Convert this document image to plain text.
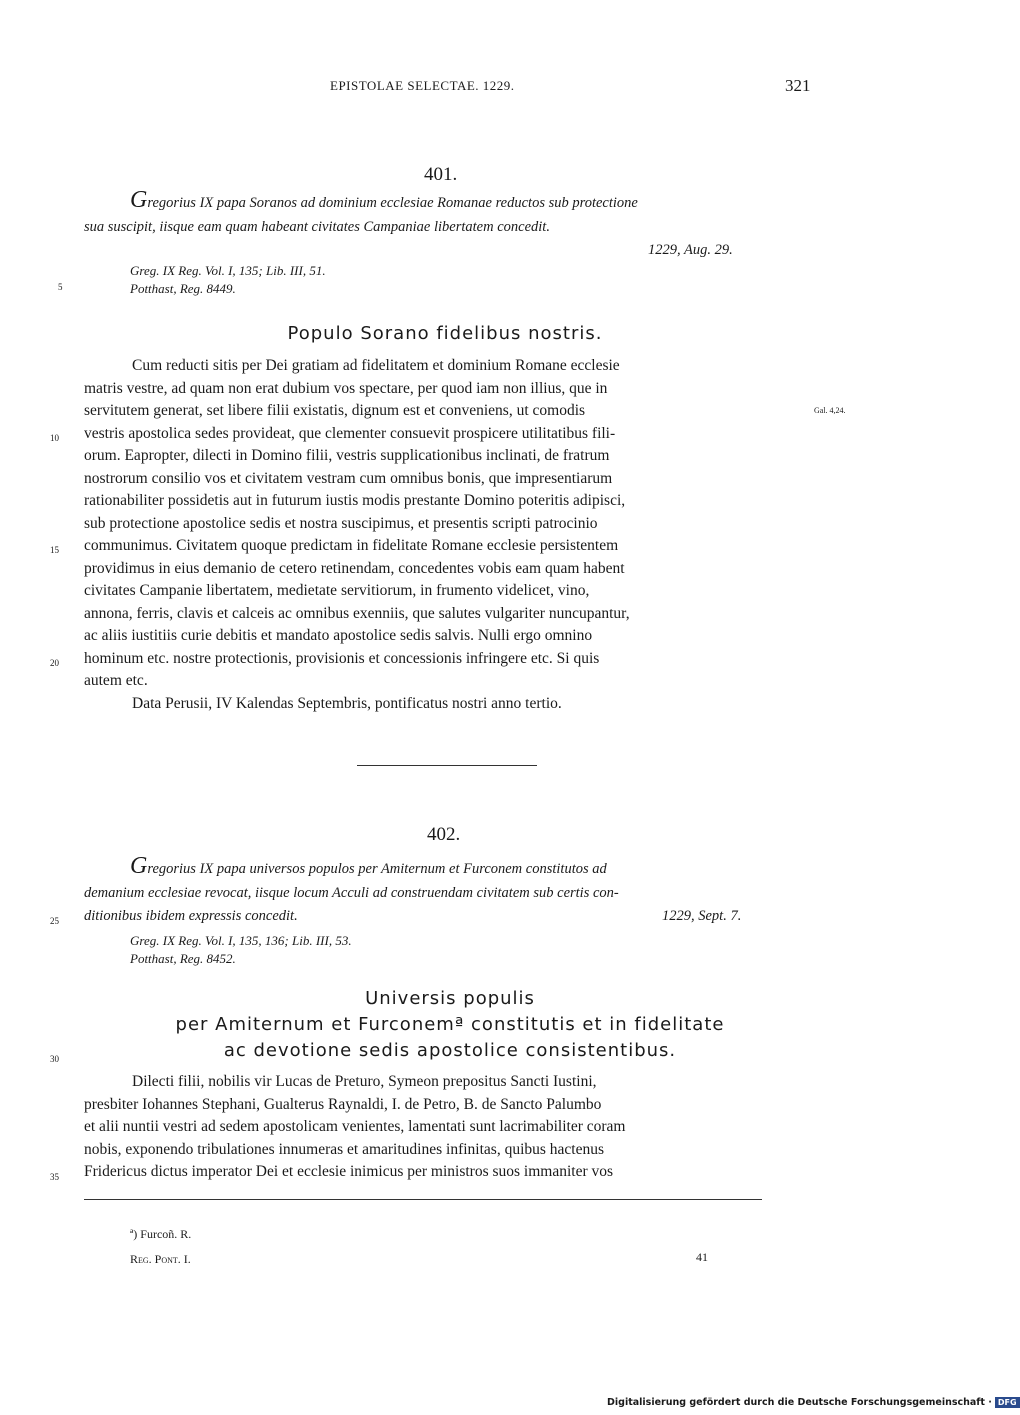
EPISTOLAE SELECTAE. 1229.	321
401.
Gregorius IX papa Soranos ad dominium ecclesiae Romanae reductos sub protectione
sua suscipit, iisque eam quam habeant civitates Campaniae libertatem concedit.
1229, Aug. 29.
Greg. IX Reg. Vol. I, 135; Lib. III, 51.
Potthast, Reg. 8449.
Populo Sorano fidelibus nostris.

Cum reducti sitis per Dei gratiam ad fidelitatem et dominium Romane ecclesie

matris vestre, ad quam non erat dubium vos spectare, per quod iam non illius, que in

servitutem generat, set libere filii existatis, dignum est et conveniens, ut comodis

vestris apostolica sedes provideat, que clementer consuevit prospicere utilitatibus fili-

orum. Eapropter, dilecti in Domino filii, vestris supplicationibus inclinati, de fratrum

nostrorum consilio vos et civitatem vestram cum omnibus bonis, que impresentiarum

rationabiliter possidetis aut in futurum iustis modis prestante Domino poteritis adipisci,

sub protectione apostolice sedis et nostra suscipimus, et presentis scripti patrocinio

communimus. Civitatem quoque predictam in fidelitate Romane ecclesie persistentem

providimus in eius demanio de cetero retinendam, concedentes vobis eam quam habent

civitates Campanie libertatem, medietate servitiorum, in frumento videlicet, vino,

annona, ferris, clavis et calceis ac omnibus exenniis, que salutes vulgariter nuncupantur,

ac aliis iustitiis curie debitis et mandato apostolice sedis salvis. Nulli ergo omnino

hominum etc. nostre protectionis, provisionis et concessionis infringere etc. Si quis

autem etc.

Data Perusii, IV Kalendas Septembris, pontificatus nostri anno tertio.

Gal. 4,24.
5
10
15
20
25
30
35
402.
Gregorius IX papa universos populos per Amiternum et Furconem constitutos ad
demanium ecclesiae revocat, iisque locum Acculi ad construendam civitatem sub certis con-
ditionibus ibidem expressis concedit.	1229, Sept. 7.
Greg. IX Reg. Vol. I, 135, 136; Lib. III, 53.
Potthast, Reg. 8452.
Universis populis
per Amiternum et Furconemª constitutis et in fidelitate
ac devotione sedis apostolice consistentibus.

Dilecti filii, nobilis vir Lucas de Preturo, Symeon prepositus Sancti Iustini,

presbiter Iohannes Stephani, Gualterus Raynaldi, I. de Petro, B. de Sancto Palumbo

et alii nuntii vestri ad sedem apostolicam venientes, lamentati sunt lacrimabiliter coram

nobis, exponendo tribulationes innumeras et amaritudines infinitas, quibus hactenus

Fridericus dictus imperator Dei et ecclesie inimicus per ministros suos immaniter vos

ª) Furcoñ. R.
Reg. Pont. I.	41
Digitalisierung gefördert durch die Deutsche Forschungsgemeinschaft · DFG
